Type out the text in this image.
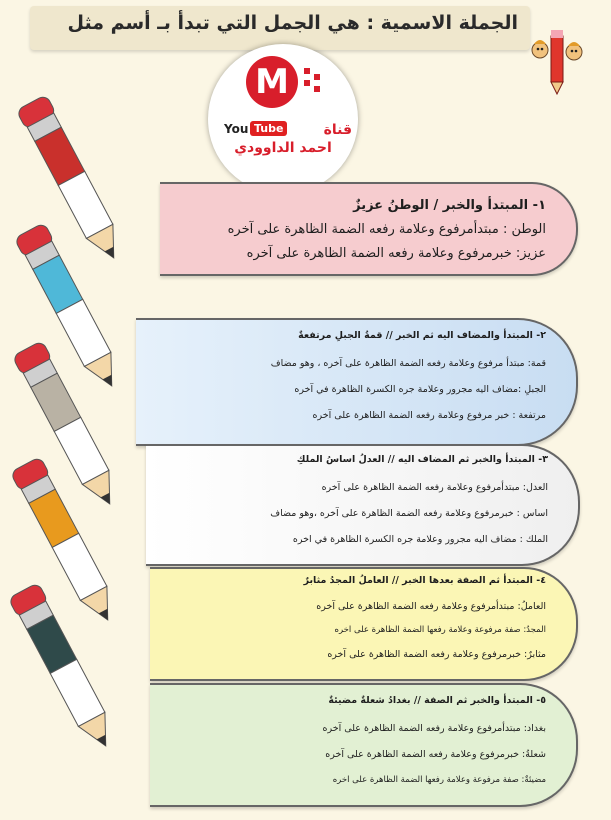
الجملة الاسمية : هي الجمل التي تبدأ بـ أسم مثل
M
You Tube	قناة
احمد الداوودي
١- المبتدأ والخبر / الوطنُ عزيزٌ
الوطن : مبتدأمرفوع وعلامة رفعه الضمة الظاهرة على آخره
عزيز: خبرمرفوع وعلامة رفعه الضمة الظاهرة على آخره
٢- المبتدأ والمضاف اليه ثم الخبر // قمةُ الجبلِ مرتفعةٌ
قمة: مبتدأ مرفوع وعلامة رفعه الضمة الظاهرة على آخره ، وهو مضاف
الجبلِ :مضاف اليه مجرور وعلامة جره الكسرة الظاهرة في آخره
مرتفعة : خبر مرفوع وعلامة رفعه الضمة الظاهرة على آخره
٣- المبتدأ والخبر ثم المضاف اليه // العدلُ اساسُ الملكِ
العدل: مبتدأمرفوع وعلامة رفعه الضمة الظاهرة على آخره
اساس : خبرمرفوع وعلامة رفعه الضمة الظاهرة على آخره ،وهو مضاف
الملك : مضاف اليه مجرور وعلامة جره الكسرة الظاهرة في اخره
٤- المبتدأ ثم الصفة بعدها الخبر // العاملُ المجدُ مثابرٌ
العاملُ: مبتدأمرفوع وعلامة رفعه الضمة الظاهرة على آخره
المجدُ: صفة مرفوعة وعلامة رفعها الضمة الظاهرة على اخره
مثابرٌ: خبرمرفوع وعلامة رفعه الضمة الظاهرة على آخره
٥- المبتدأ والخبر ثم الصفة // بغدادُ شعلةٌ مضيئةٌ
بغداد: مبتدأمرفوع وعلامة رفعه الضمة الظاهرة على آخره
شعلةُ: خبرمرفوع وعلامة رفعه الضمة الظاهرة على آخره
مضيئةٌ: صفة مرفوعة وعلامة رفعها الضمة الظاهرة على اخره
